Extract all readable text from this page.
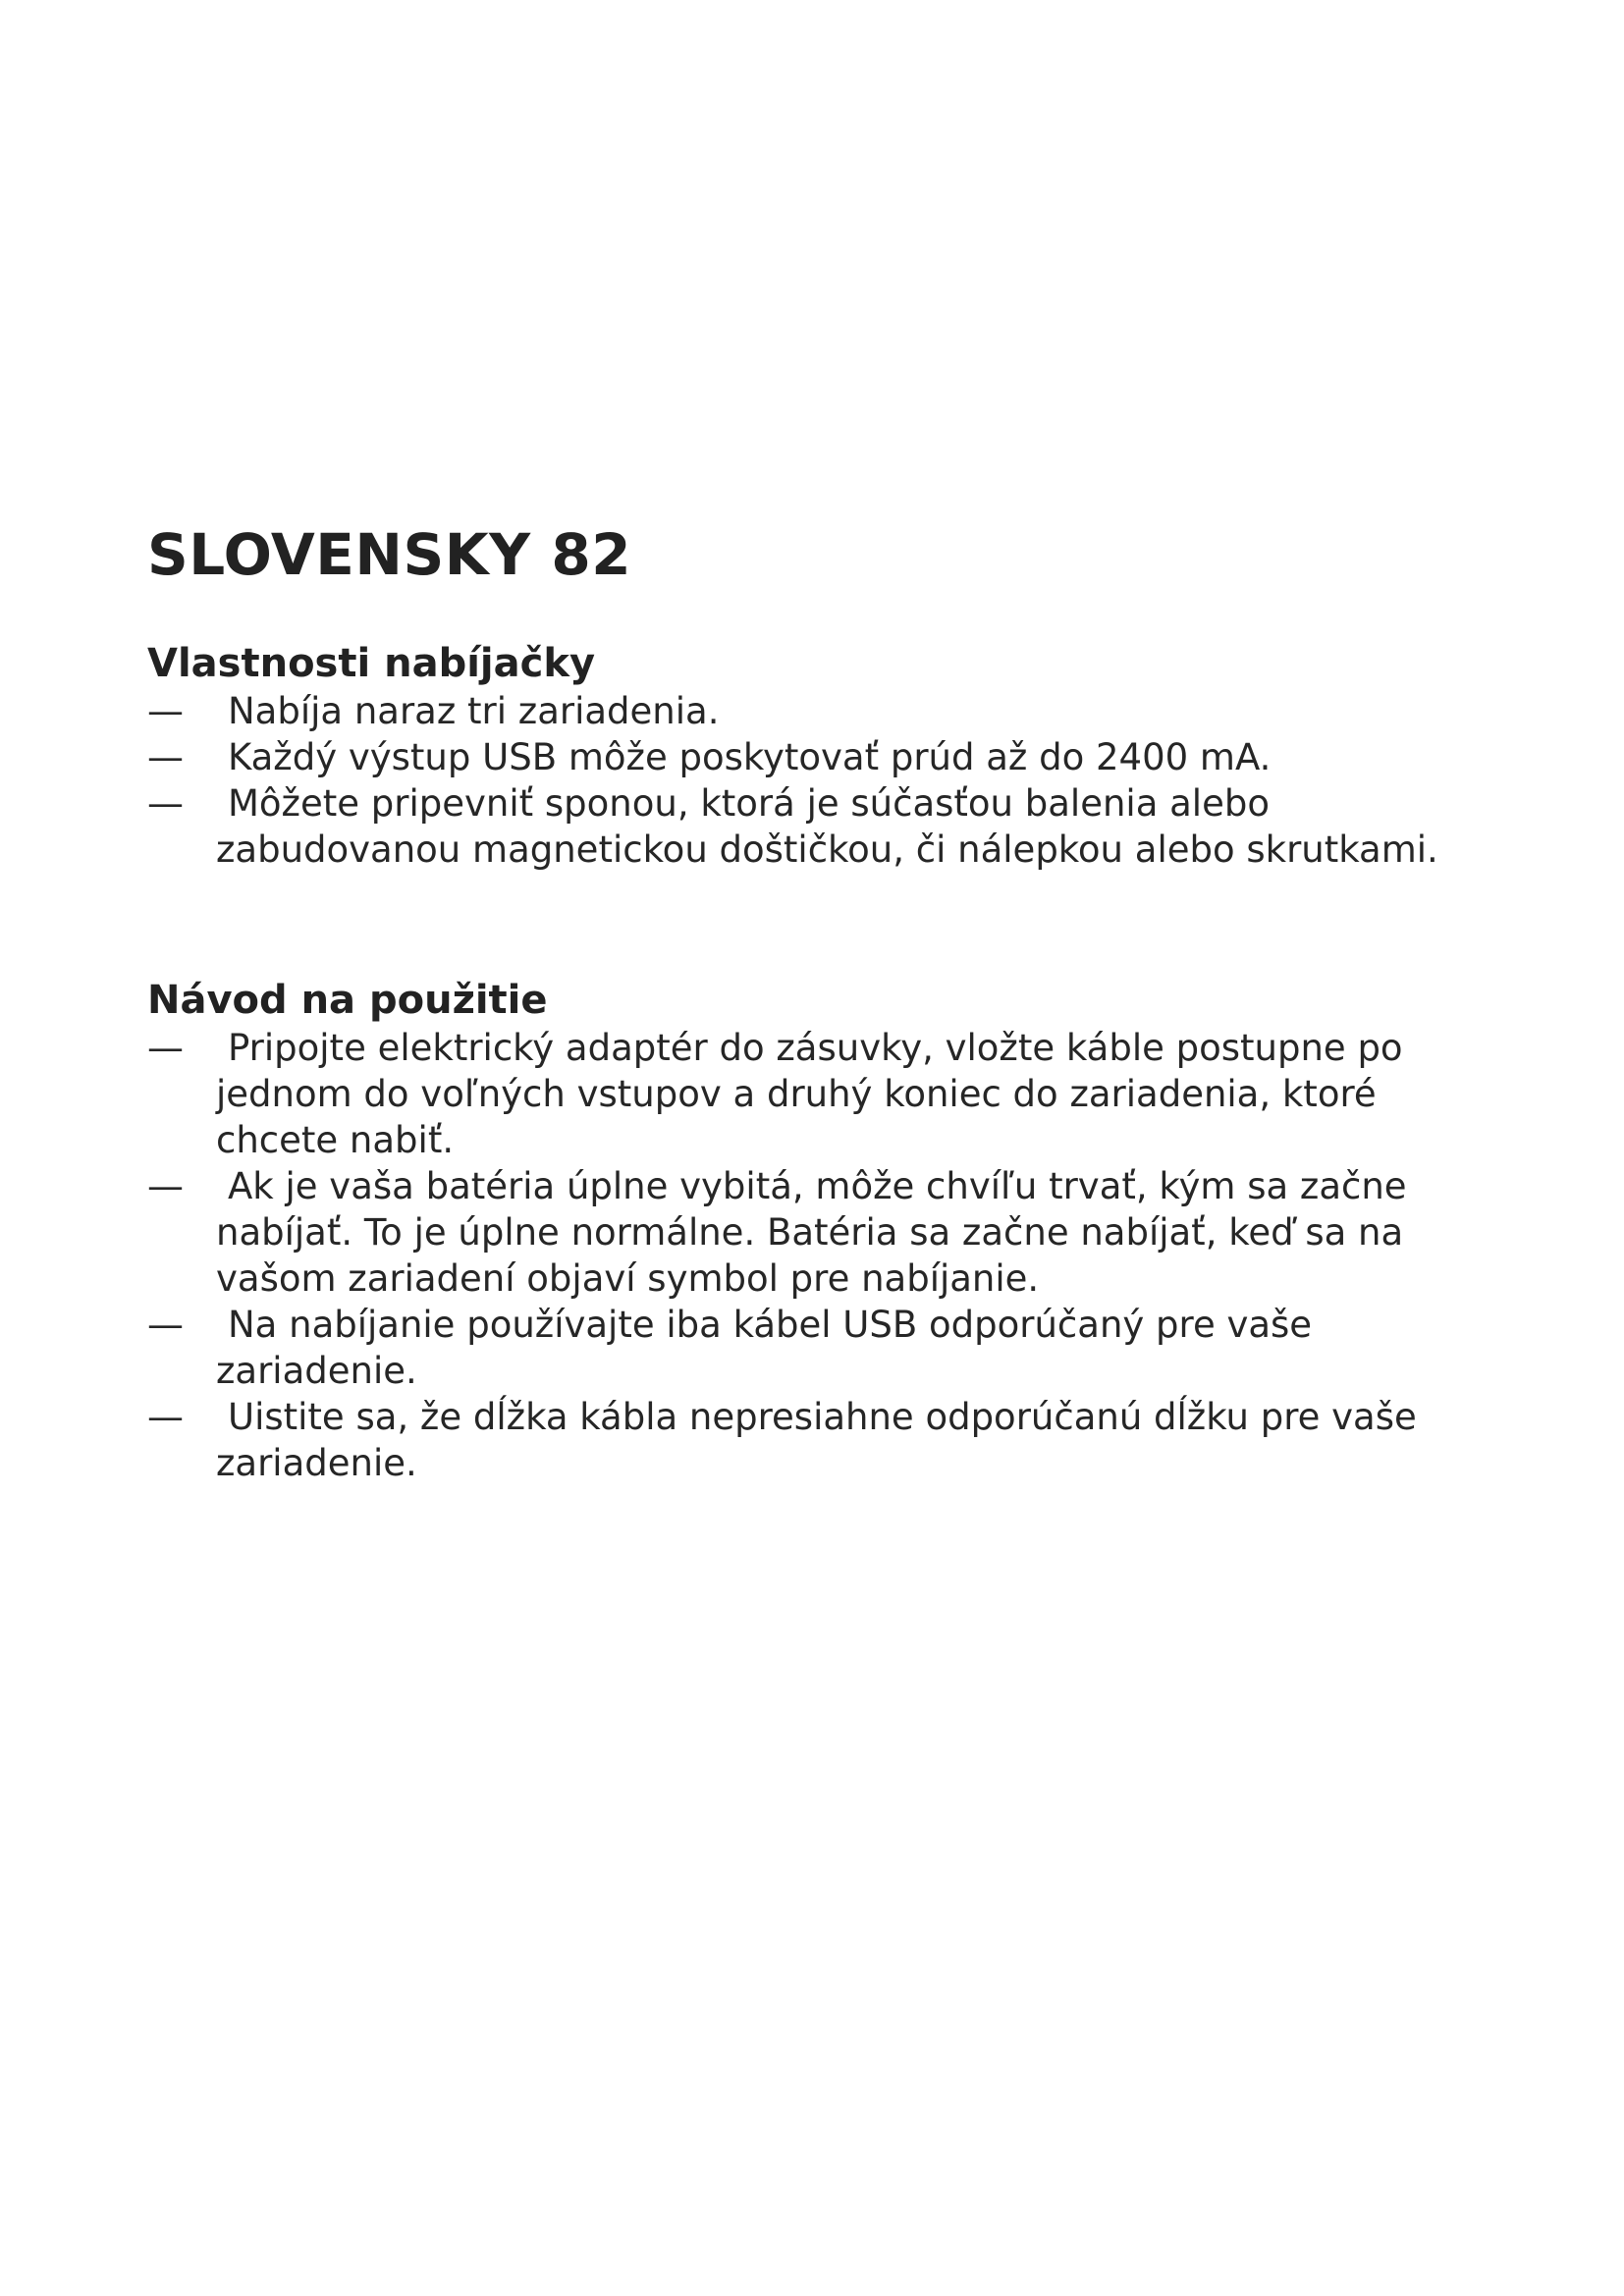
SLOVENSKY 82
Vlastnosti nabíjačky
—	Nabíja naraz tri zariadenia.
—	Každý výstup USB môže poskytovať prúd až do 2400 mA.
—	Môžete pripevniť sponou, ktorá je súčasťou balenia alebo zabudovanou magnetickou doštičkou, či nálepkou alebo skrutkami.
Návod na použitie
—	Pripojte elektrický adaptér do zásuvky, vložte káble postupne po jednom do voľných vstupov a druhý koniec do zariadenia, ktoré chcete nabiť.
—	Ak je vaša batéria úplne vybitá, môže chvíľu trvať, kým sa začne nabíjať. To je úplne normálne. Batéria sa začne nabíjať, keď sa na vašom zariadení objaví symbol pre nabíjanie.
—	Na nabíjanie používajte iba kábel USB odporúčaný pre vaše zariadenie.
—	Uistite sa, že dĺžka kábla nepresiahne odporúčanú dĺžku pre vaše zariadenie.
